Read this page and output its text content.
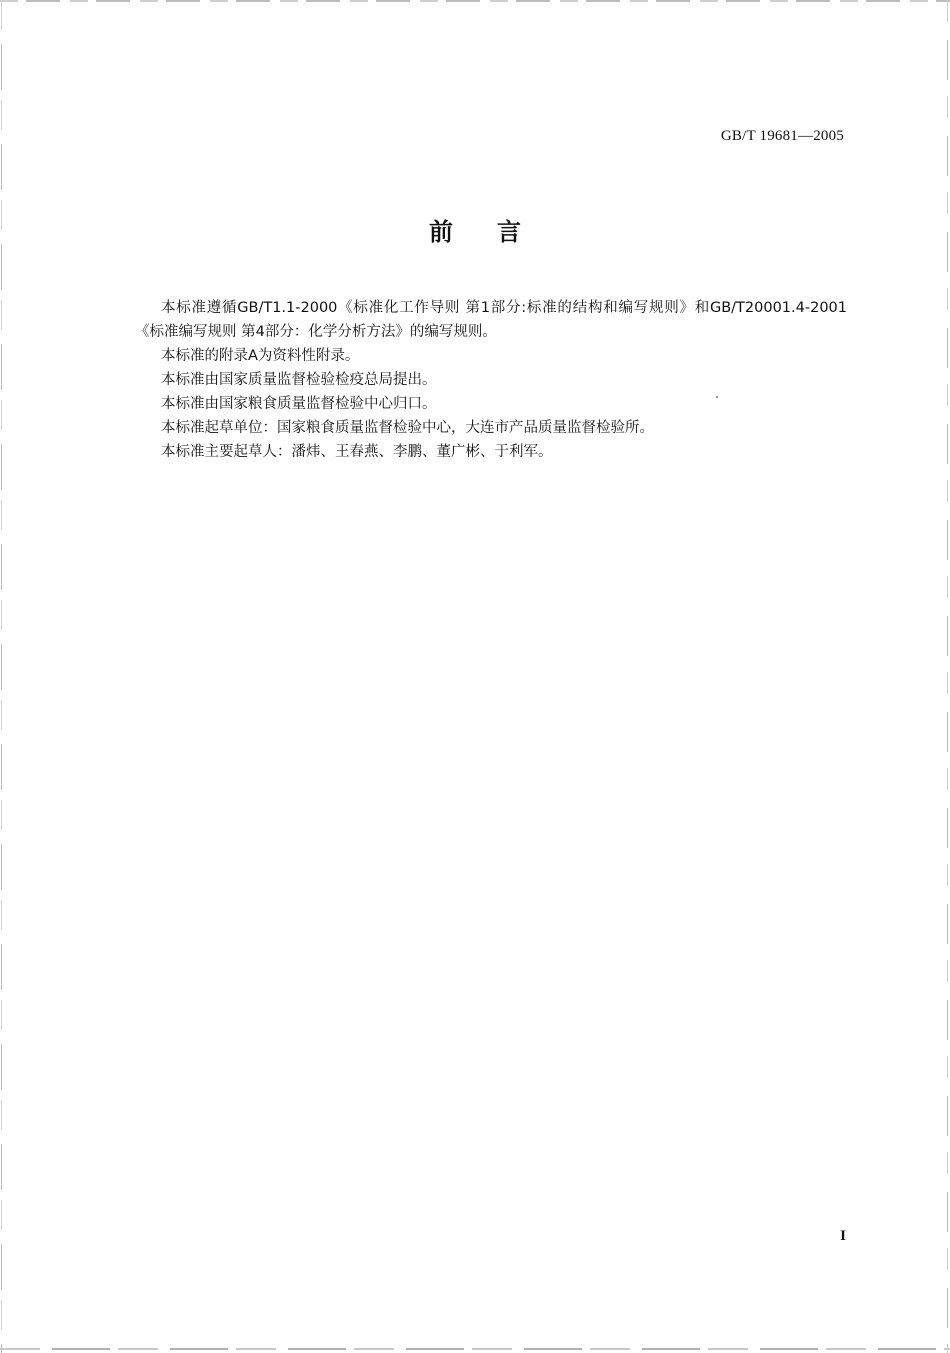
GB/T 19681—2005
前言

本标准遵循GB/T1.1-2000《标准化工作导则 第1部分:标准的结构和编写规则》和GB/T20001.4-2001《标准编写规则 第4部分：化学分析方法》的编写规则。

本标准的附录A为资料性附录。

本标准由国家质量监督检验检疫总局提出。

本标准由国家粮食质量监督检验中心归口。

本标准起草单位：国家粮食质量监督检验中心，大连市产品质量监督检验所。

本标准主要起草人：潘炜、王春燕、李鹏、董广彬、于利军。

I
